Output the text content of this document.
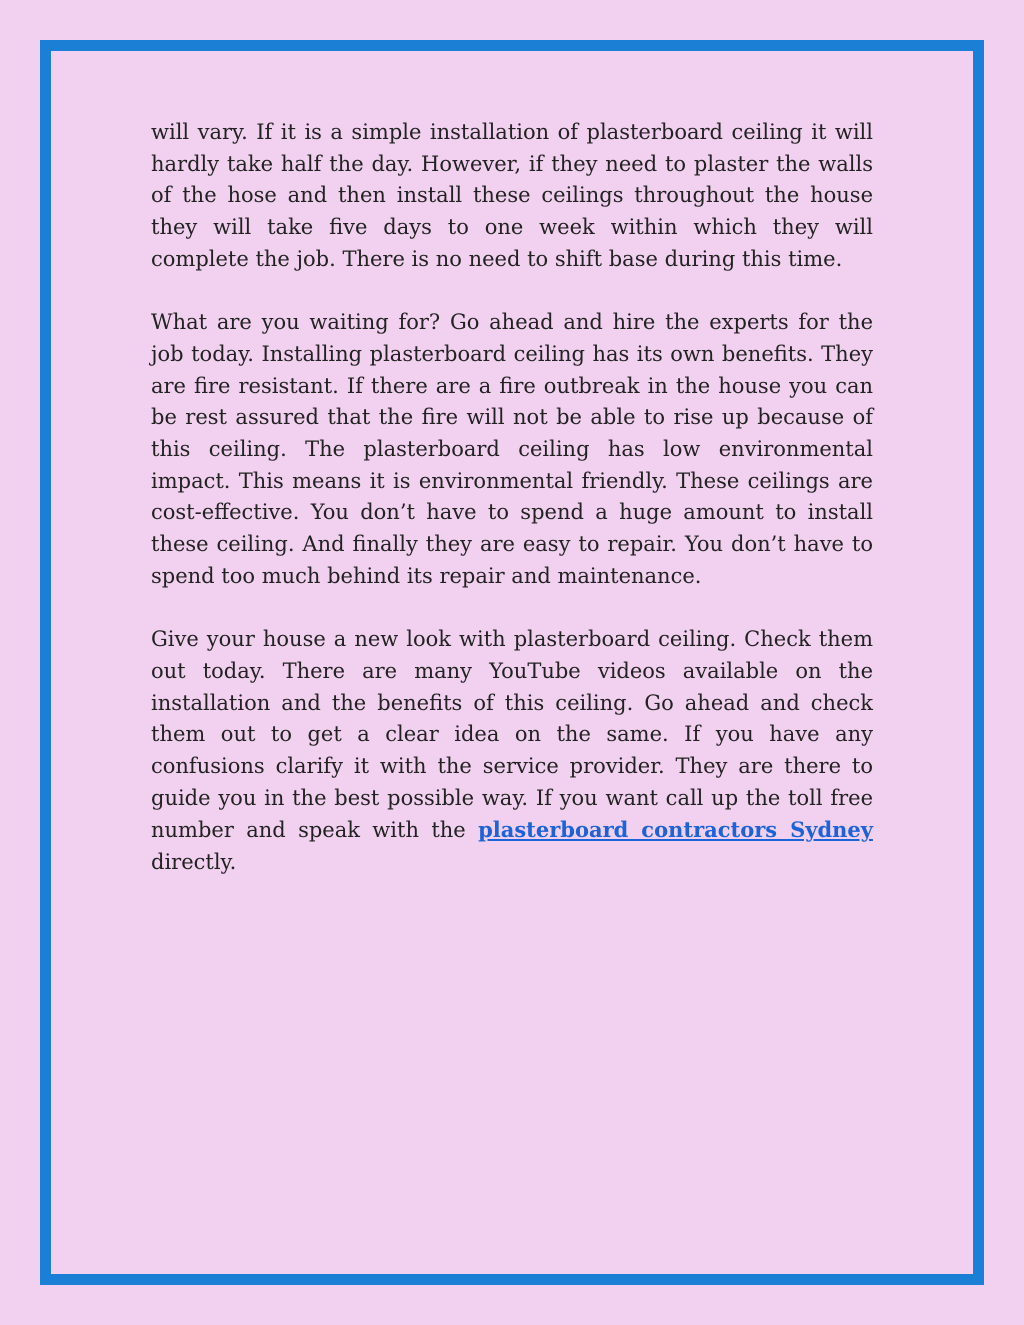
will vary. If it is a simple installation of plasterboard ceiling it will hardly take half the day. However, if they need to plaster the walls of the hose and then install these ceilings throughout the house they will take five days to one week within which they will complete the job. There is no need to shift base during this time.

What are you waiting for? Go ahead and hire the experts for the job today. Installing plasterboard ceiling has its own benefits. They are fire resistant. If there are a fire outbreak in the house you can be rest assured that the fire will not be able to rise up because of this ceiling. The plasterboard ceiling has low environmental impact. This means it is environmental friendly. These ceilings are cost-effective. You don’t have to spend a huge amount to install these ceiling. And finally they are easy to repair. You don’t have to spend too much behind its repair and maintenance.

Give your house a new look with plasterboard ceiling. Check them out today. There are many YouTube videos available on the installation and the benefits of this ceiling. Go ahead and check them out to get a clear idea on the same. If you have any confusions clarify it with the service provider. They are there to guide you in the best possible way. If you want call up the toll free number and speak with the plasterboard contractors Sydney directly.
